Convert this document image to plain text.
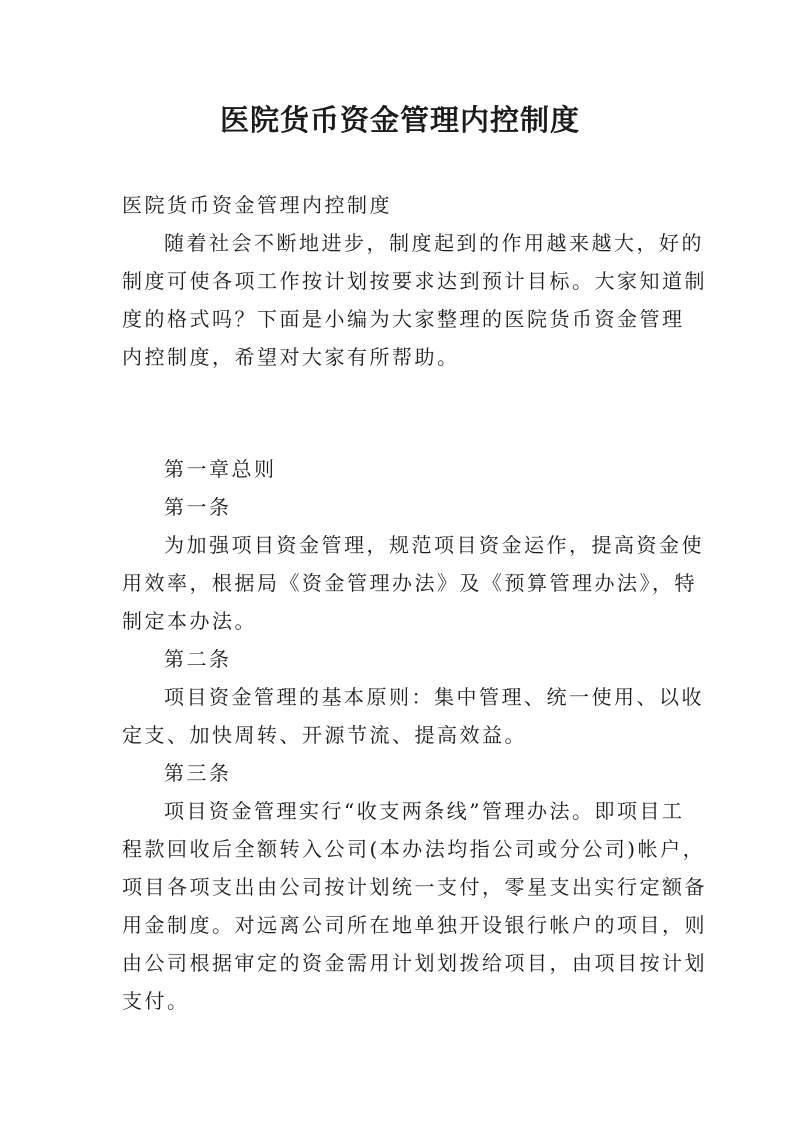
医院货币资金管理内控制度
医院货币资金管理内控制度
随着社会不断地进步，制度起到的作用越来越大，好的
制度可使各项工作按计划按要求达到预计目标。大家知道制
度的格式吗？下面是小编为大家整理的医院货币资金管理
内控制度，希望对大家有所帮助。
第一章总则
第一条
为加强项目资金管理，规范项目资金运作，提高资金使
用效率，根据局《资金管理办法》及《预算管理办法》，特
制定本办法。
第二条
项目资金管理的基本原则：集中管理、统一使用、以收
定支、加快周转、开源节流、提高效益。
第三条
项目资金管理实行“收支两条线”管理办法。即项目工
程款回收后全额转入公司(本办法均指公司或分公司)帐户，
项目各项支出由公司按计划统一支付，零星支出实行定额备
用金制度。对远离公司所在地单独开设银行帐户的项目，则
由公司根据审定的资金需用计划划拨给项目，由项目按计划
支付。
